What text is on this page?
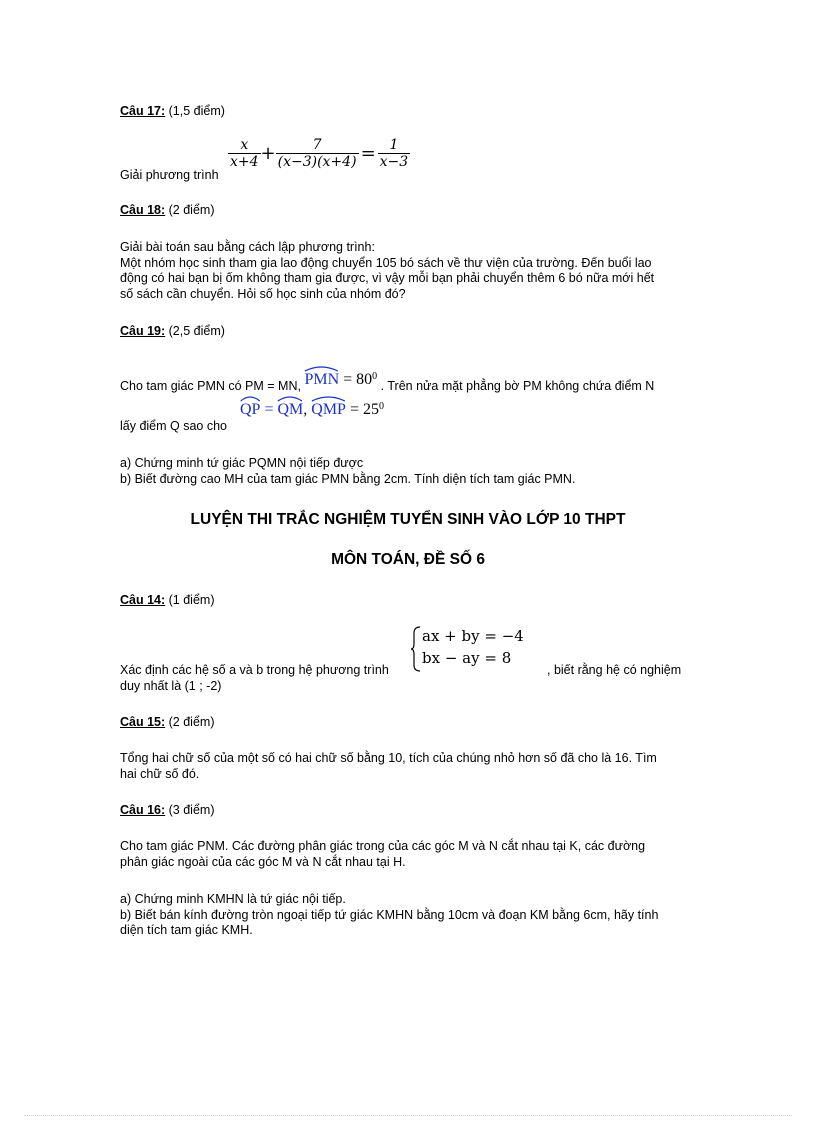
Câu 17: (1,5 điểm)
Giải phương trình
$\frac{x}{x+4} + \frac{7}{(x-3)(x+4)} = \frac{1}{x-3}$
Câu 18: (2 điểm)
Giải bài toán sau bằng cách lập phương trình:
Một nhóm học sinh tham gia lao động chuyển 105 bó sách về thư viện của trường. Đến buổi lao
động có hai bạn bị ốm không tham gia được, vì vậy mỗi bạn phải chuyển thêm 6 bó nữa mới hết
số sách cần chuyển. Hỏi số học sinh của nhóm đó?
Câu 19: (2,5 điểm)
Cho tam giác PMN có PM = MN, PMN = $80^0$ . Trên nửa mặt phẳng bờ PM không chứa điểm N
lấy điểm Q sao cho
QP =
QM,
QMP = $25^0$
a) Chứng minh tứ giác PQMN nội tiếp được
b) Biết đường cao MH của tam giác PMN bằng 2cm. Tính diện tích tam giác PMN.
LUYỆN THI TRẮC NGHIỆM TUYỂN SINH VÀO LỚP 10 THPT
MÔN TOÁN, ĐỀ SỐ 6
Câu 14: (1 điểm)
Xác định các hệ số a và b trong hệ phương trình
ax + by = −4
bx − ay = 8
, biết rằng hệ có nghiệm
duy nhất là (1 ; -2)
Câu 15: (2 điểm)
Tổng hai chữ số của một số có hai chữ số bằng 10, tích của chúng nhỏ hơn số đã cho là 16. Tìm
hai chữ số đó.
Câu 16: (3 điểm)
Cho tam giác PNM. Các đường phân giác trong của các góc M và N cắt nhau tại K, các đường
phân giác ngoài của các góc M và N cắt nhau tại H.
a) Chứng minh KMHN là tứ giác nội tiếp.
b) Biết bán kính đường tròn ngoại tiếp tứ giác KMHN bằng 10cm và đoạn KM bằng 6cm, hãy tính
diện tích tam giác KMH.
